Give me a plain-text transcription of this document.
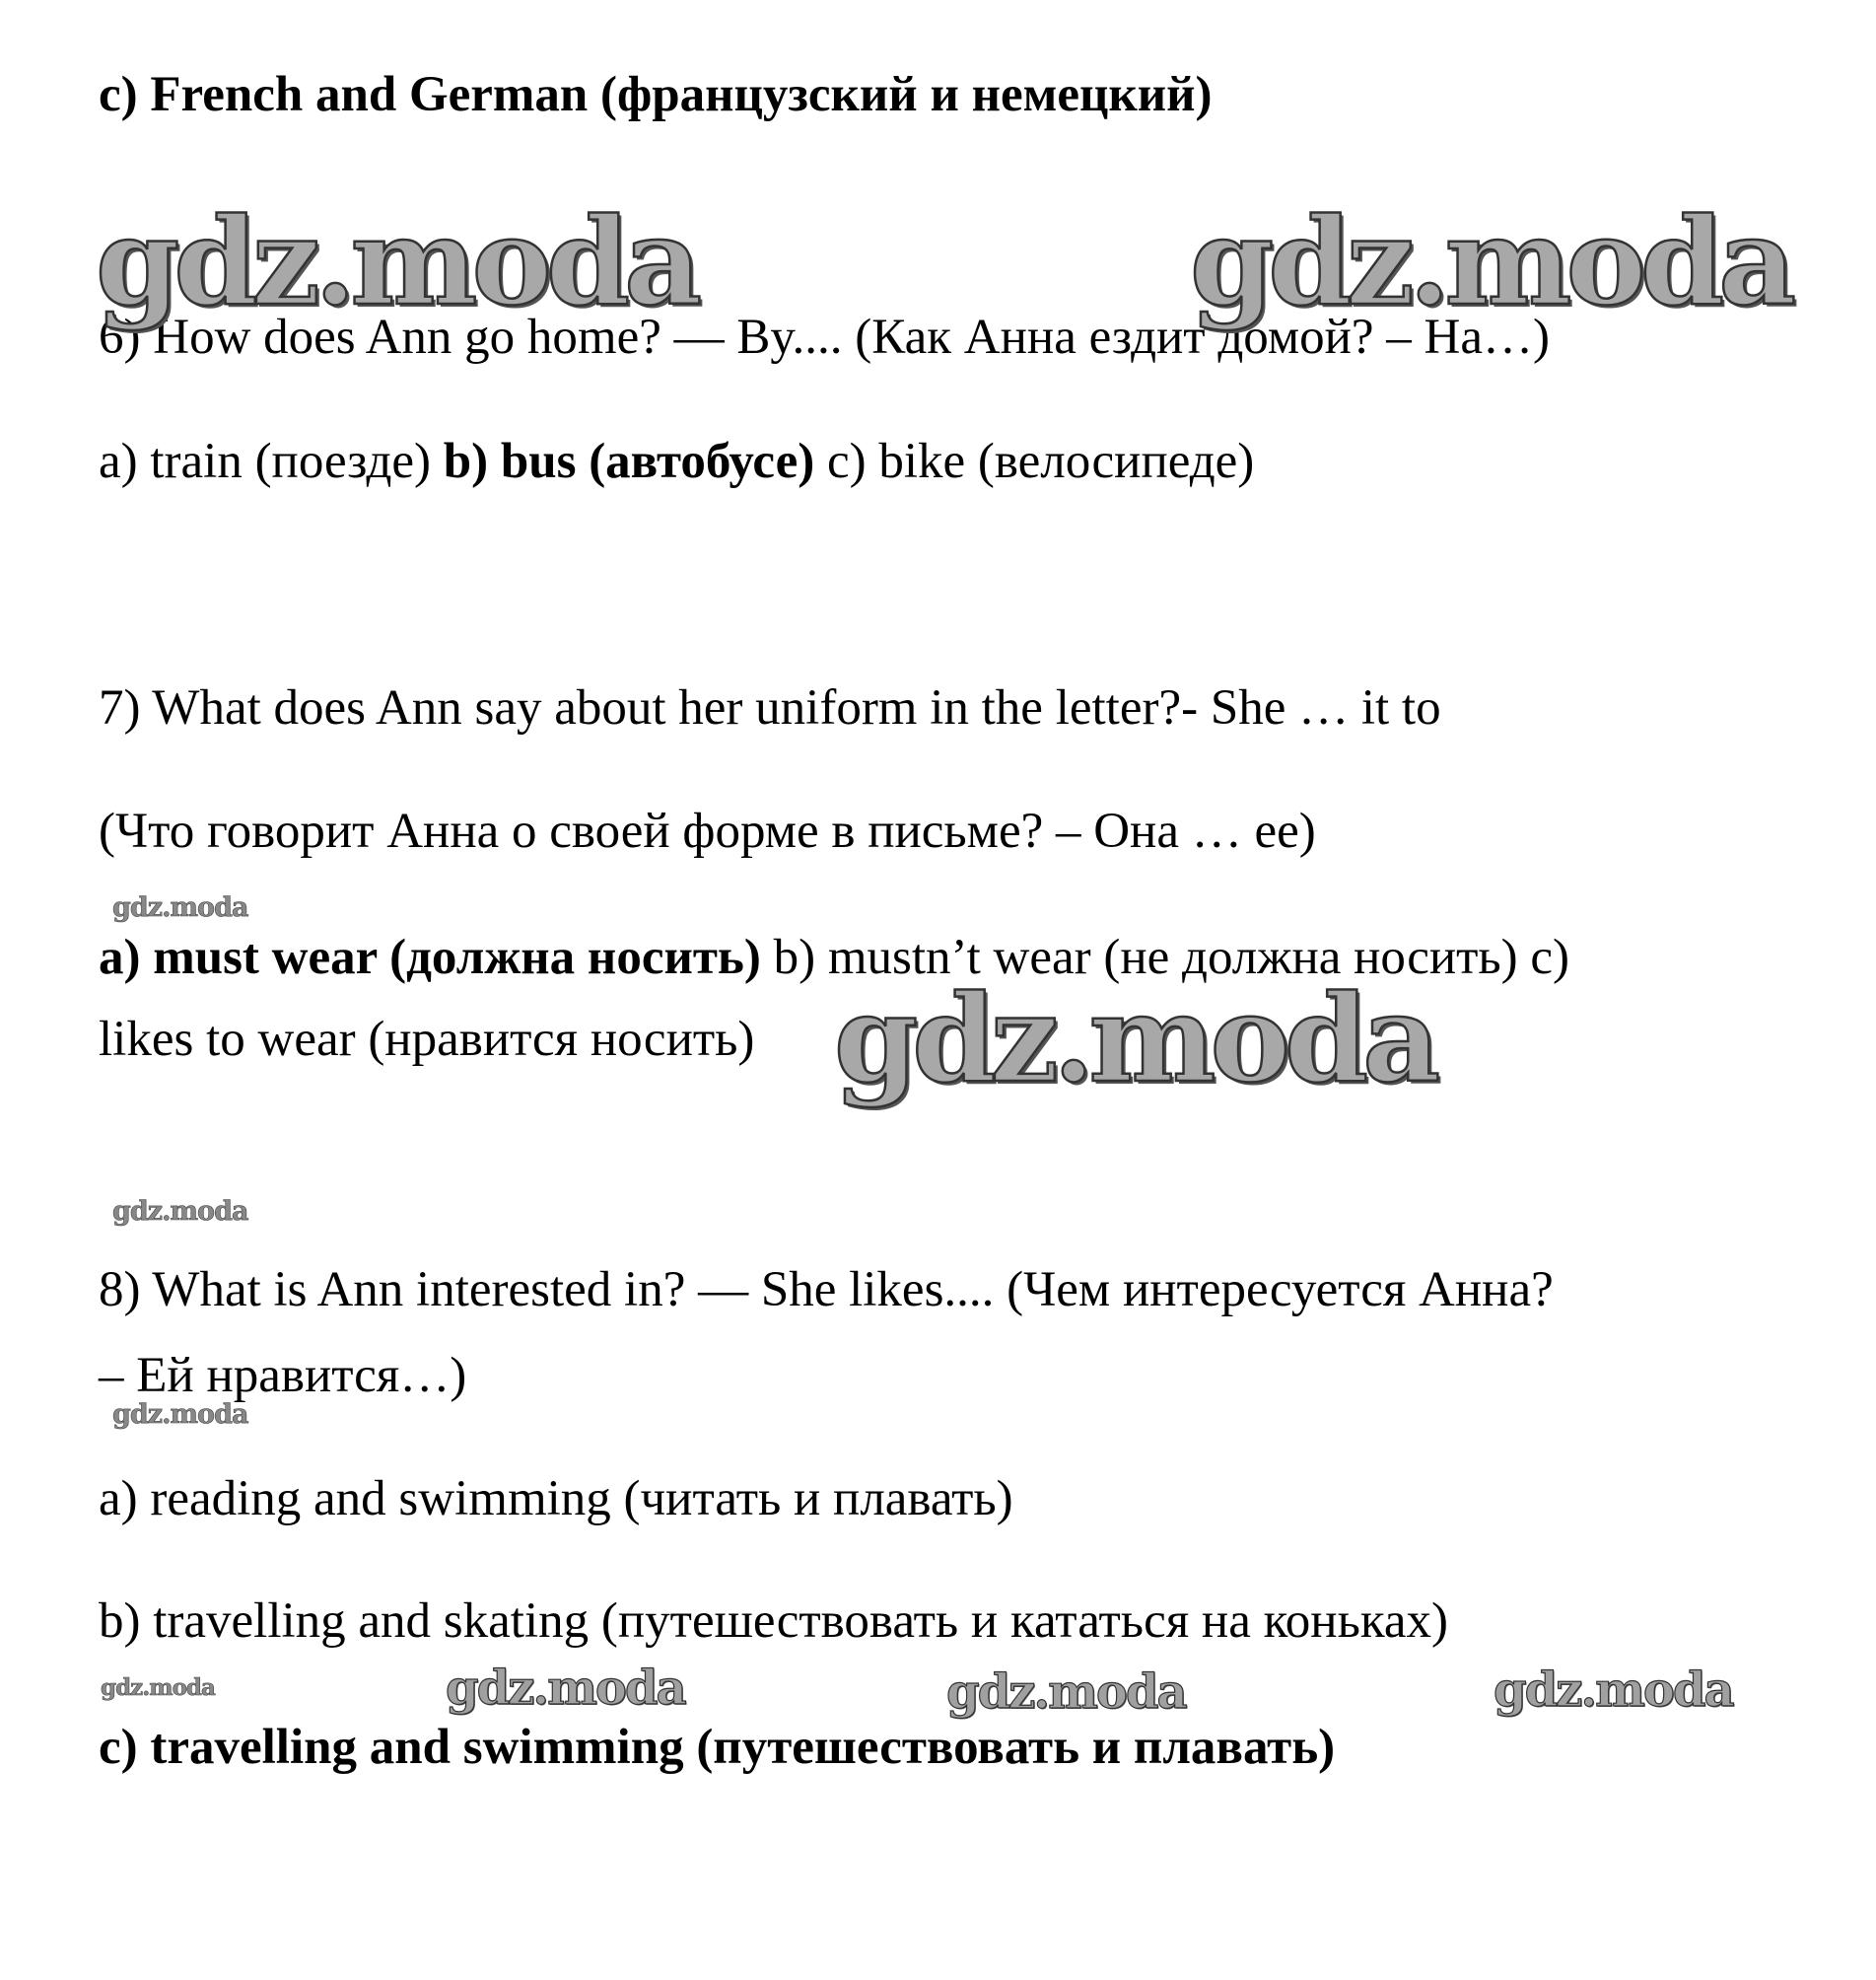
c) French and German (французский и немецкий)
6) How does Ann go home? — By.... (Как Анна ездит домой? – На…)
a) train (поезде) b) bus (автобусе) c) bike (велосипеде)
7) What does Ann say about her uniform in the letter?- She … it to
(Что говорит Анна о своей форме в письме? – Она … ее)
a) must wear (должна носить) b) mustn’t wear (не должна носить) c)
likes to wear (нравится носить)
8) What is Ann interested in? — She likes.... (Чем интересуется Анна?
– Ей нравится…)
a) reading and swimming (читать и плавать)
b) travelling and skating (путешествовать и кататься на коньках)
c) travelling and swimming (путешествовать и плавать)
gdz.moda	gdz.moda
gdz.moda
gdz.moda
gdz.moda
gdz.moda
gdz.moda	gdz.moda	gdz.moda	gdz.moda
